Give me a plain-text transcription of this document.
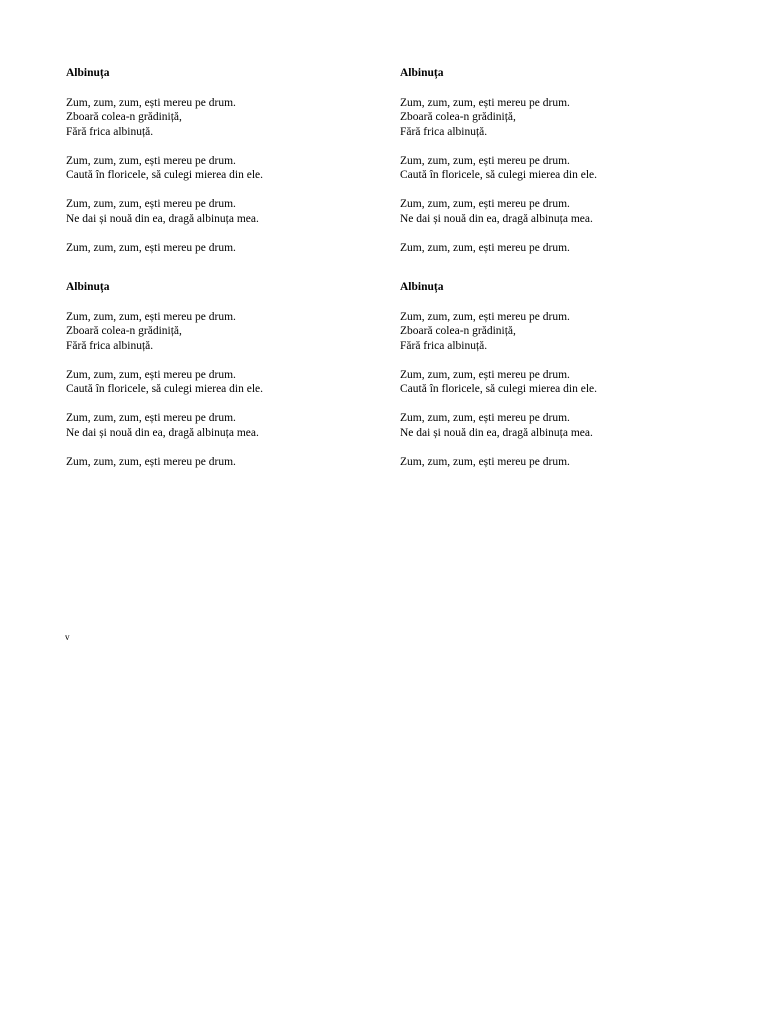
Albinuța
Zum, zum, zum, ești mereu pe drum.
Zboară colea-n grădiniță,
Fără frica albinuță.
Zum, zum, zum, ești mereu pe drum.
Caută în floricele, să culegi mierea din ele.
Zum, zum, zum, ești mereu pe drum.
Ne dai și nouă din ea, dragă albinuța mea.
Zum, zum, zum, ești mereu pe drum.
Albinuța
Zum, zum, zum, ești mereu pe drum.
Zboară colea-n grădiniță,
Fără frica albinuță.
Zum, zum, zum, ești mereu pe drum.
Caută în floricele, să culegi mierea din ele.
Zum, zum, zum, ești mereu pe drum.
Ne dai și nouă din ea, dragă albinuța mea.
Zum, zum, zum, ești mereu pe drum.
Albinuța
Zum, zum, zum, ești mereu pe drum.
Zboară colea-n grădiniță,
Fără frica albinuță.
Zum, zum, zum, ești mereu pe drum.
Caută în floricele, să culegi mierea din ele.
Zum, zum, zum, ești mereu pe drum.
Ne dai și nouă din ea, dragă albinuța mea.
Zum, zum, zum, ești mereu pe drum.
Albinuța
Zum, zum, zum, ești mereu pe drum.
Zboară colea-n grădiniță,
Fără frica albinuță.
Zum, zum, zum, ești mereu pe drum.
Caută în floricele, să culegi mierea din ele.
Zum, zum, zum, ești mereu pe drum.
Ne dai și nouă din ea, dragă albinuța mea.
Zum, zum, zum, ești mereu pe drum.
v
